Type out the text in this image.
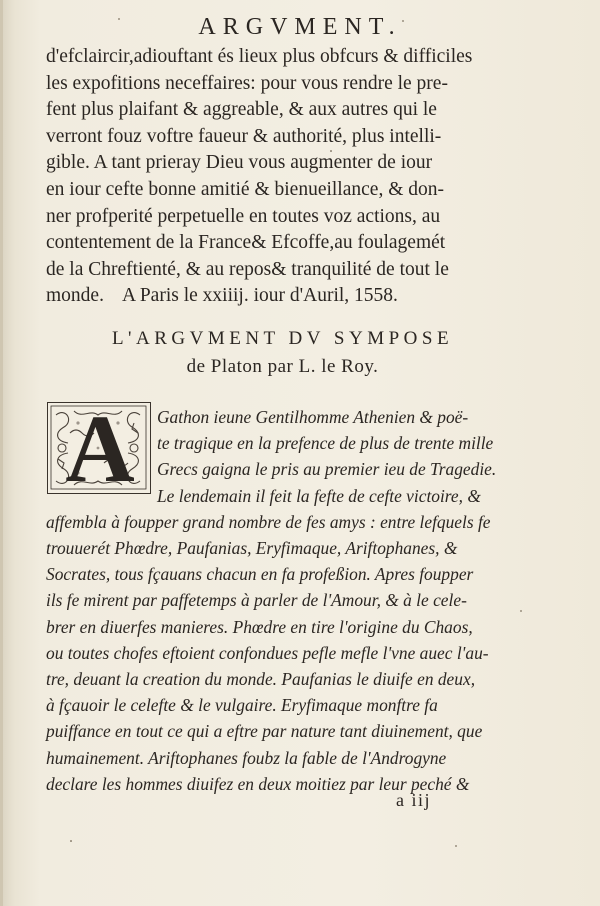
ARGVMENT.
d'efclaircir,adiouftant és lieux plus obfcurs & difficiles
les expofitions neceffaires: pour vous rendre le pre-
fent plus plaifant & aggreable, & aux autres qui le
verront fouz voftre faueur & authorité, plus intelli-
gible. A tant prieray Dieu vous augmenter de iour
en iour cefte bonne amitié & bienueillance, & don-
ner profperité perpetuelle en toutes voz actions, au
contentement de la France& Efcoffe,au foulagemét
de la Chreftienté, & au repos& tranquilité de tout le
monde. A Paris le xxiiij. iour d'Auril, 1558.
L'ARGVMENT DV SYMPOSE
de Platon par L. le Roy.
A	Gathon ieune Gentilhomme Athenien & poë-
te tragique en la prefence de plus de trente mille
Grecs gaigna le pris au premier ieu de Tragedie.
Le lendemain il feit la fefte de cefte victoire, &
affembla à foupper grand nombre de fes amys : entre lefquels fe
trouuerét Phœdre, Paufanias, Eryfimaque, Ariftophanes, &
Socrates, tous fçauans chacun en fa profeßion. Apres foupper
ils fe mirent par paffetemps à parler de l'Amour, & à le cele-
brer en diuerfes manieres. Phœdre en tire l'origine du Chaos,
ou toutes chofes eftoient confondues pefle mefle l'vne auec l'au-
tre, deuant la creation du monde. Paufanias le diuife en deux,
à fçauoir le celefte & le vulgaire. Eryfimaque monftre fa
puiffance en tout ce qui a eftre par nature tant diuinement, que
humainement. Ariftophanes foubz la fable de l'Androgyne
declare les hommes diuifez en deux moitiez par leur peché &
a iij
